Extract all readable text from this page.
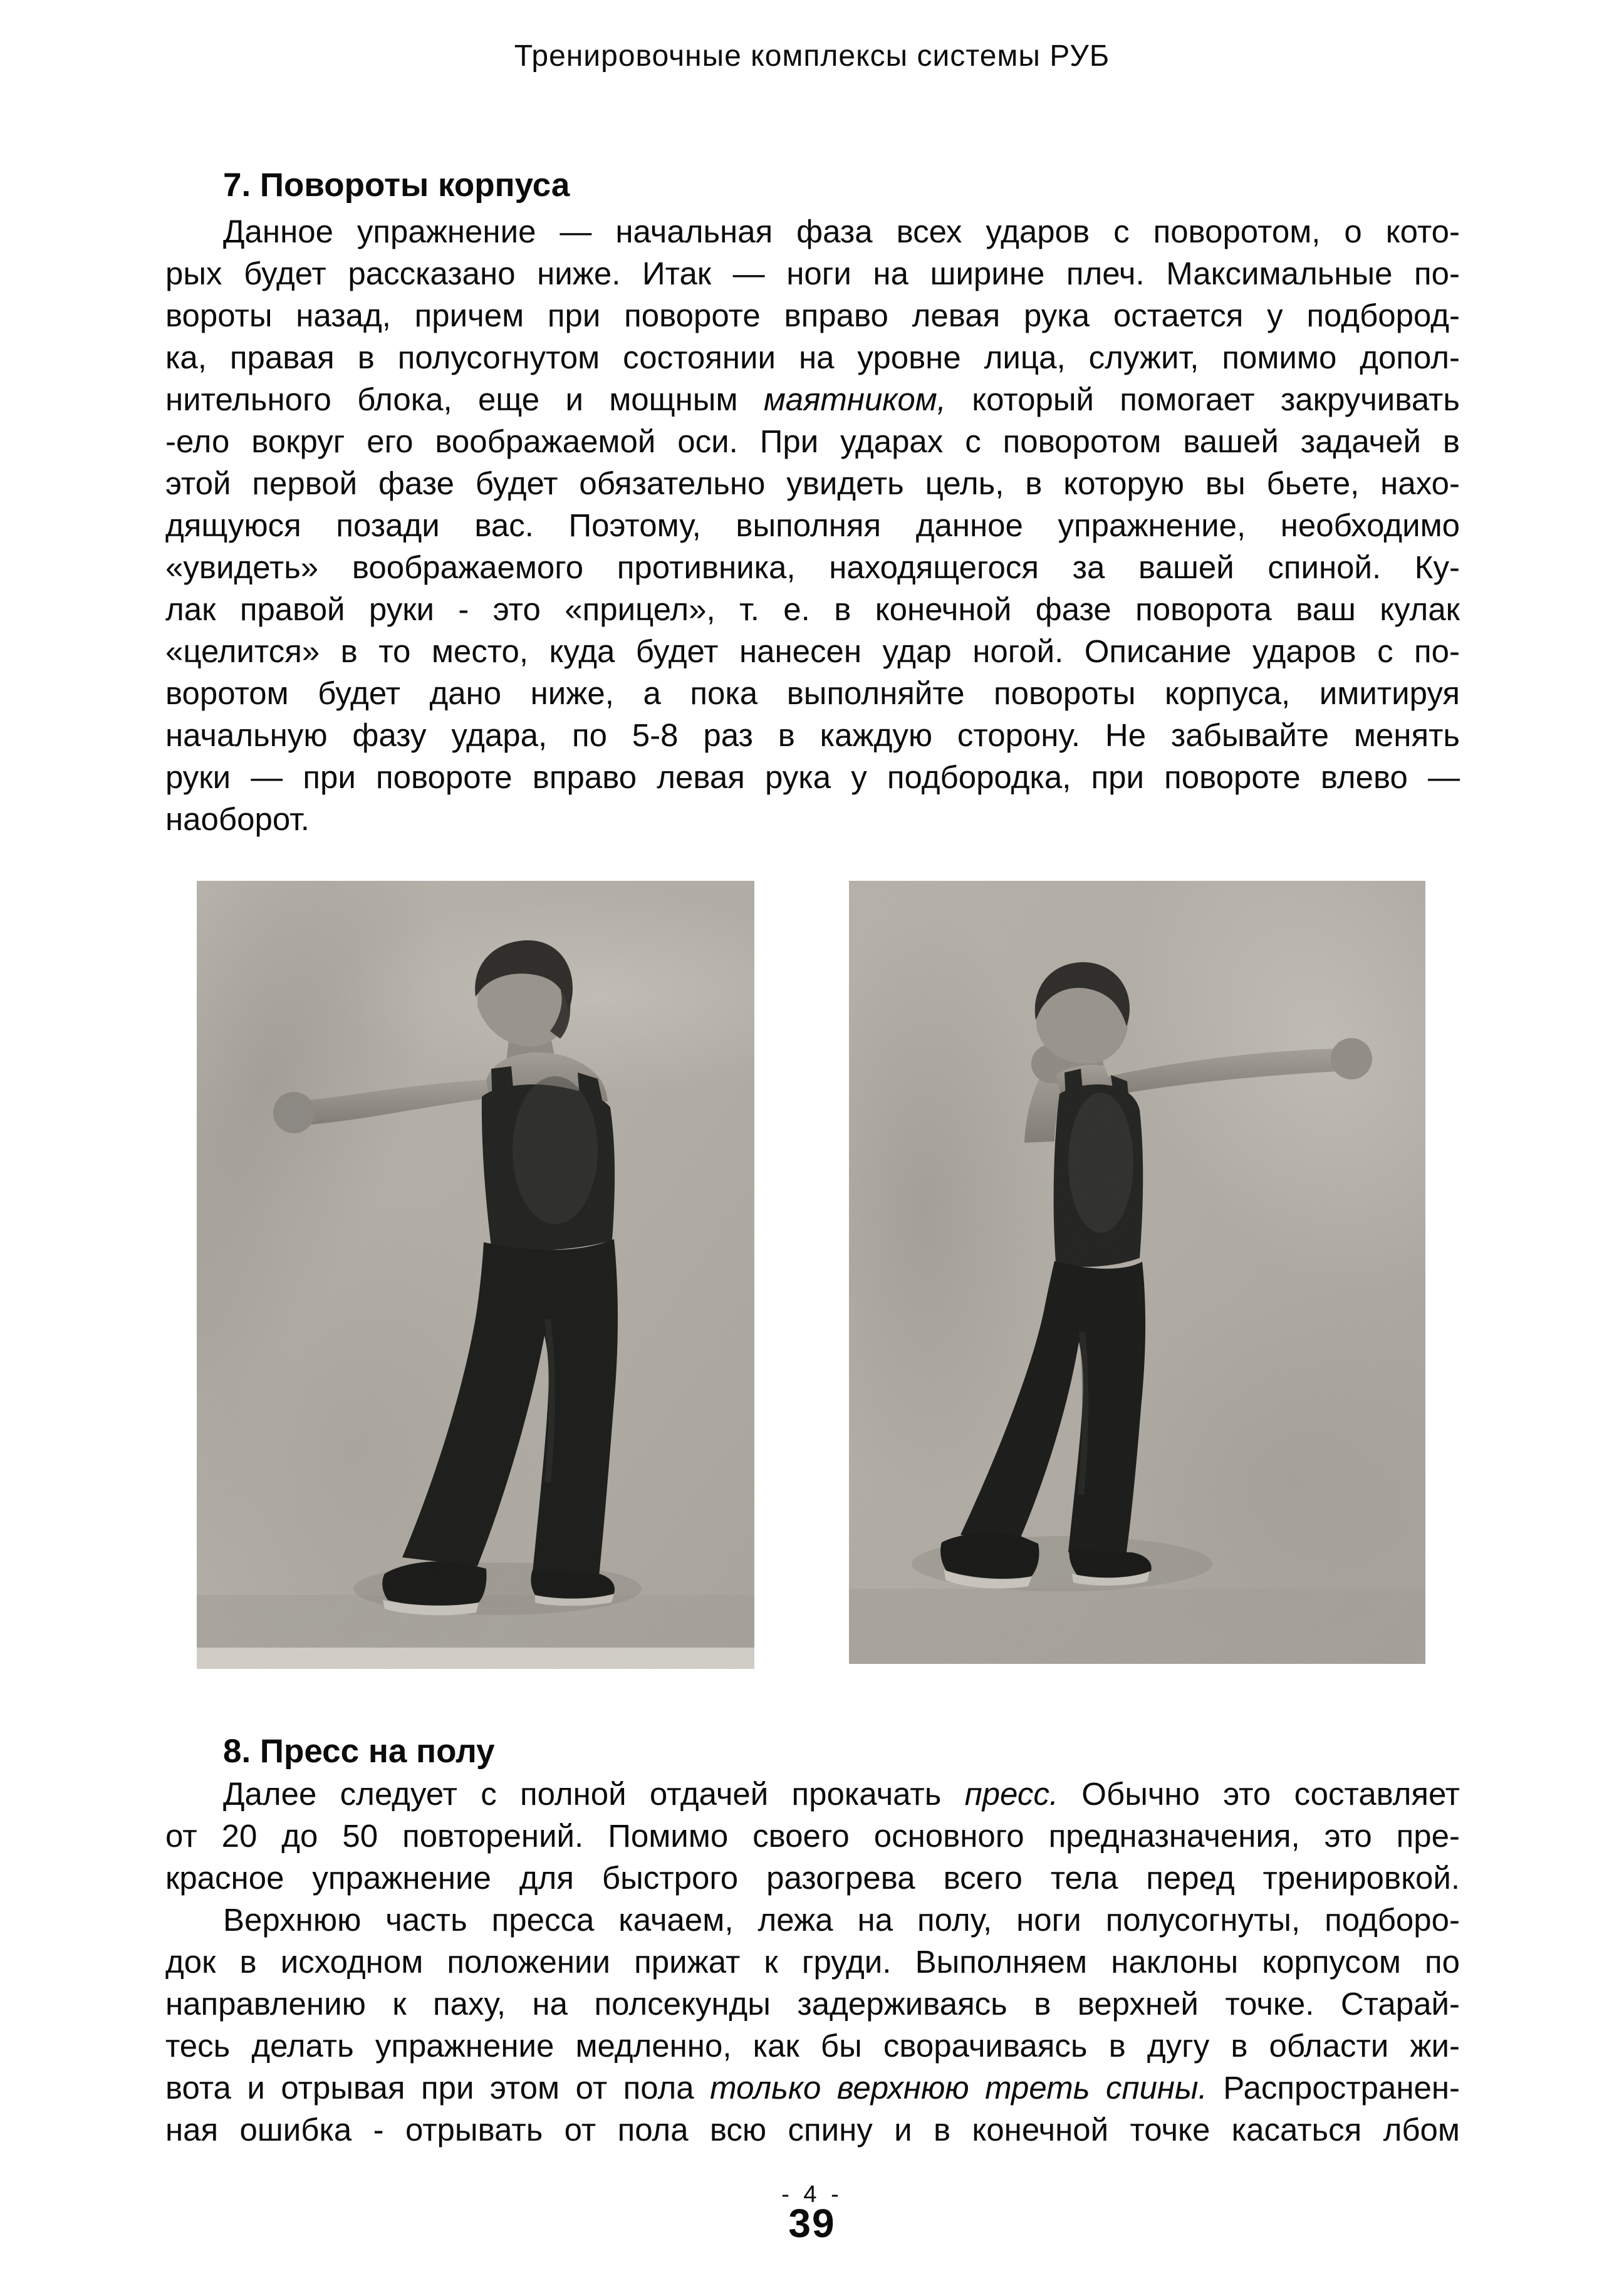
Тренировочные комплексы системы РУБ
7. Повороты корпуса
Данное упражнение — начальная фаза всех ударов с поворотом, о кото-
рых будет рассказано ниже. Итак — ноги на ширине плеч. Максимальные по-
вороты назад, причем при повороте вправо левая рука остается у подбород-
ка, правая в полусогнутом состоянии на уровне лица, служит, помимо допол-
нительного блока, еще и мощным маятником, который помогает закручивать
-ело вокруг его воображаемой оси. При ударах с поворотом вашей задачей в
этой первой фазе будет обязательно увидеть цель, в которую вы бьете, нахо-
дящуюся позади вас. Поэтому, выполняя данное упражнение, необходимо
«увидеть» воображаемого противника, находящегося за вашей спиной. Ку-
лак правой руки - это «прицел», т. е. в конечной фазе поворота ваш кулак
«целится» в то место, куда будет нанесен удар ногой. Описание ударов с по-
воротом будет дано ниже, а пока выполняйте повороты корпуса, имитируя
начальную фазу удара, по 5-8 раз в каждую сторону. Не забывайте менять
руки — при повороте вправо левая рука у подбородка, при повороте влево —
наоборот.
8. Пресс на полу
Далее следует с полной отдачей прокачать пресс. Обычно это составляет
от 20 до 50 повторений. Помимо своего основного предназначения, это пре-
красное упражнение для быстрого разогрева всего тела перед тренировкой.
Верхнюю часть пресса качаем, лежа на полу, ноги полусогнуты, подборо-
док в исходном положении прижат к груди. Выполняем наклоны корпусом по
направлению к паху, на полсекунды задерживаясь в верхней точке. Старай-
тесь делать упражнение медленно, как бы сворачиваясь в дугу в области жи-
вота и отрывая при этом от пола только верхнюю треть спины. Распространен-
ная ошибка - отрывать от пола всю спину и в конечной точке касаться лбом
- 4 -
39
